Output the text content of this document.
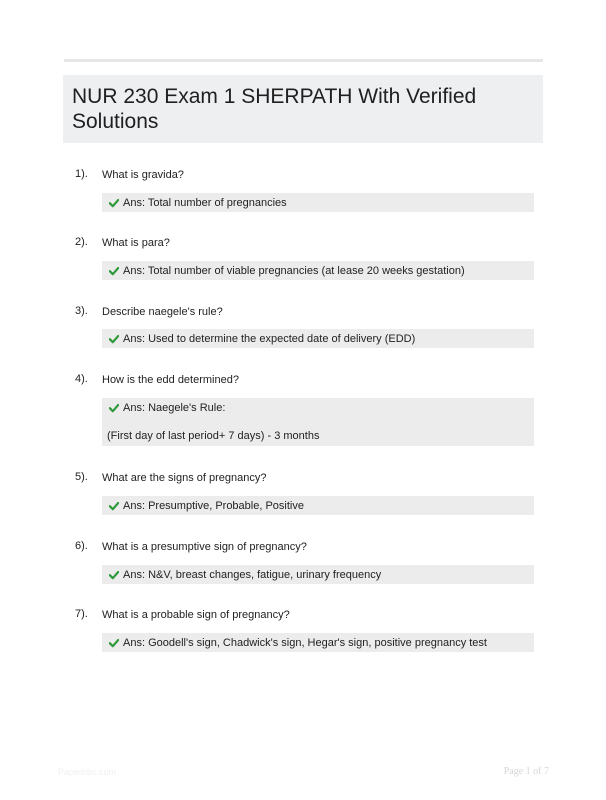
NUR 230 Exam 1 SHERPATH With Verified
Solutions
1). What is gravida?
Ans: Total number of pregnancies
2). What is para?
Ans: Total number of viable pregnancies (at lease 20 weeks gestation)
3). Describe naegele's rule?
Ans: Used to determine the expected date of delivery (EDD)
4). How is the edd determined?
Ans: Naegele's Rule:
(First day of last period+ 7 days) - 3 months
5). What are the signs of pregnancy?
Ans: Presumptive, Probable, Positive
6). What is a presumptive sign of pregnancy?
Ans: N&V, breast changes, fatigue, urinary frequency
7). What is a probable sign of pregnancy?
Ans: Goodell's sign, Chadwick's sign, Hegar's sign, positive pregnancy test
Paperbbc.com	Page 1 of 7
